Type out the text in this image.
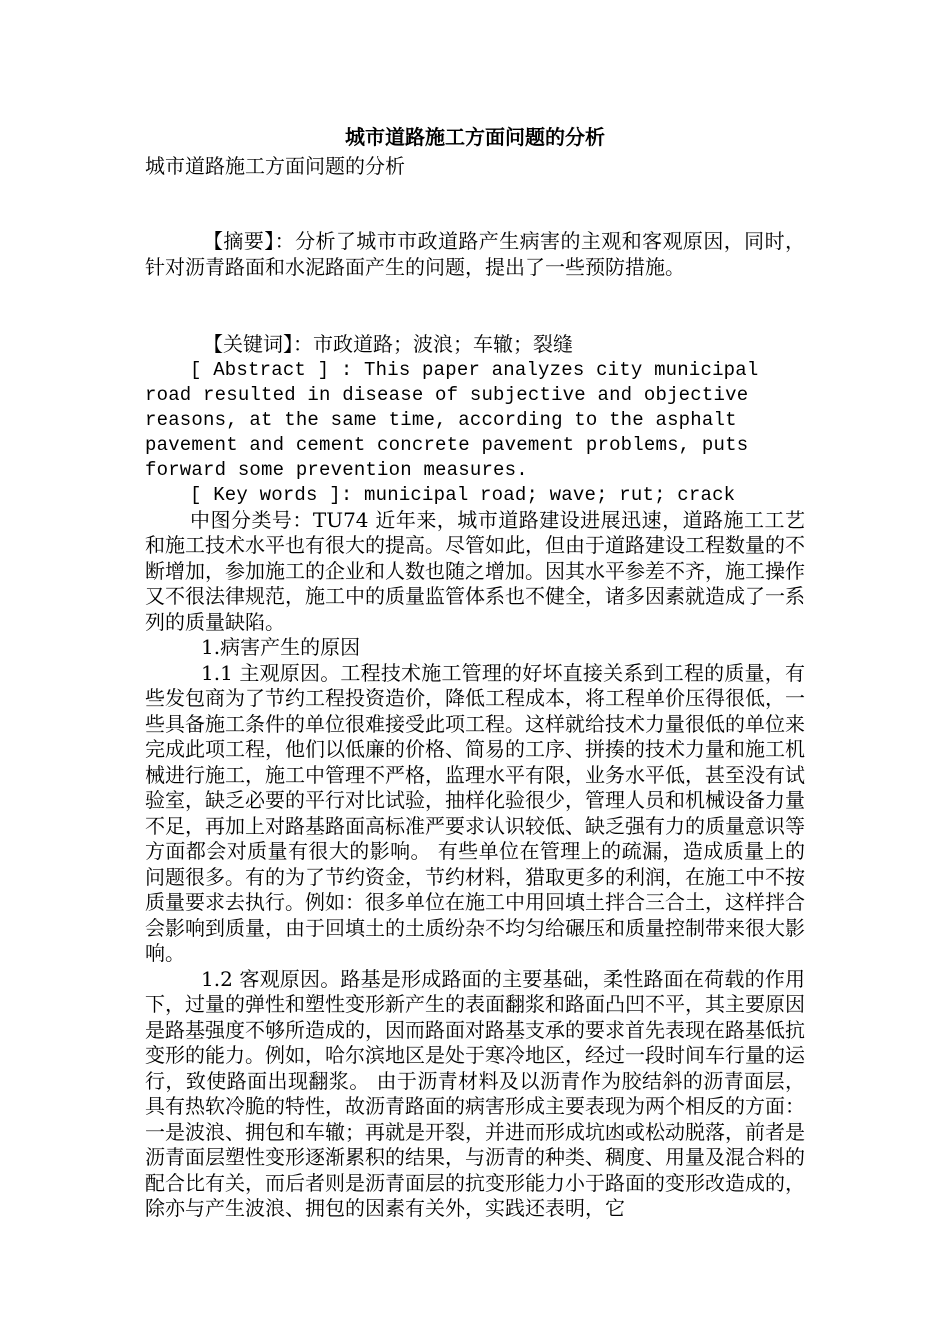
城市道路施工方面问题的分析

城市道路施工方面问题的分析

【摘要】：分析了城市市政道路产生病害的主观和客观原因，同时，针对沥青路面和水泥路面产生的问题，提出了一些预防措施。

【关键词】：市政道路；波浪；车辙；裂缝

[ Abstract ] : This paper analyzes city municipal road resulted in disease of subjective and objective reasons, at the same time, according to the asphalt pavement and cement concrete pavement problems, puts forward some prevention measures.

[ Key words ]: municipal road; wave; rut; crack

中图分类号：TU74 近年来，城市道路建设进展迅速，道路施工工艺和施工技术水平也有很大的提高。尽管如此，但由于道路建设工程数量的不断增加，参加施工的企业和人数也随之增加。因其水平参差不齐，施工操作又不很法律规范，施工中的质量监管体系也不健全，诸多因素就造成了一系列的质量缺陷。

1.病害产生的原因

1.1 主观原因。工程技术施工管理的好坏直接关系到工程的质量，有些发包商为了节约工程投资造价，降低工程成本，将工程单价压得很低，一些具备施工条件的单位很难接受此项工程。这样就给技术力量很低的单位来完成此项工程，他们以低廉的价格、简易的工序、拼揍的技术力量和施工机械进行施工，施工中管理不严格，监理水平有限，业务水平低，甚至没有试验室，缺乏必要的平行对比试验，抽样化验很少，管理人员和机械设备力量不足，再加上对路基路面高标准严要求认识较低、缺乏强有力的质量意识等方面都会对质量有很大的影响。 有些单位在管理上的疏漏，造成质量上的问题很多。有的为了节约资金，节约材料，猎取更多的利润，在施工中不按质量要求去执行。例如：很多单位在施工中用回填土拌合三合土，这样拌合会影响到质量，由于回填土的土质纷杂不均匀给碾压和质量控制带来很大影响。

1.2 客观原因。路基是形成路面的主要基础，柔性路面在荷载的作用下，过量的弹性和塑性变形新产生的表面翻浆和路面凸凹不平，其主要原因是路基强度不够所造成的，因而路面对路基支承的要求首先表现在路基低抗变形的能力。例如，哈尔滨地区是处于寒冷地区，经过一段时间车行量的运行，致使路面出现翻浆。 由于沥青材料及以沥青作为胶结斜的沥青面层，具有热软冷脆的特性，故沥青路面的病害形成主要表现为两个相反的方面：一是波浪、拥包和车辙；再就是开裂，并进而形成坑凼或松动脱落，前者是沥青面层塑性变形逐渐累积的结果，与沥青的种类、稠度、用量及混合料的配合比有关，而后者则是沥青面层的抗变形能力小于路面的变形改造成的，除亦与产生波浪、拥包的因素有关外，实践还表明，它
